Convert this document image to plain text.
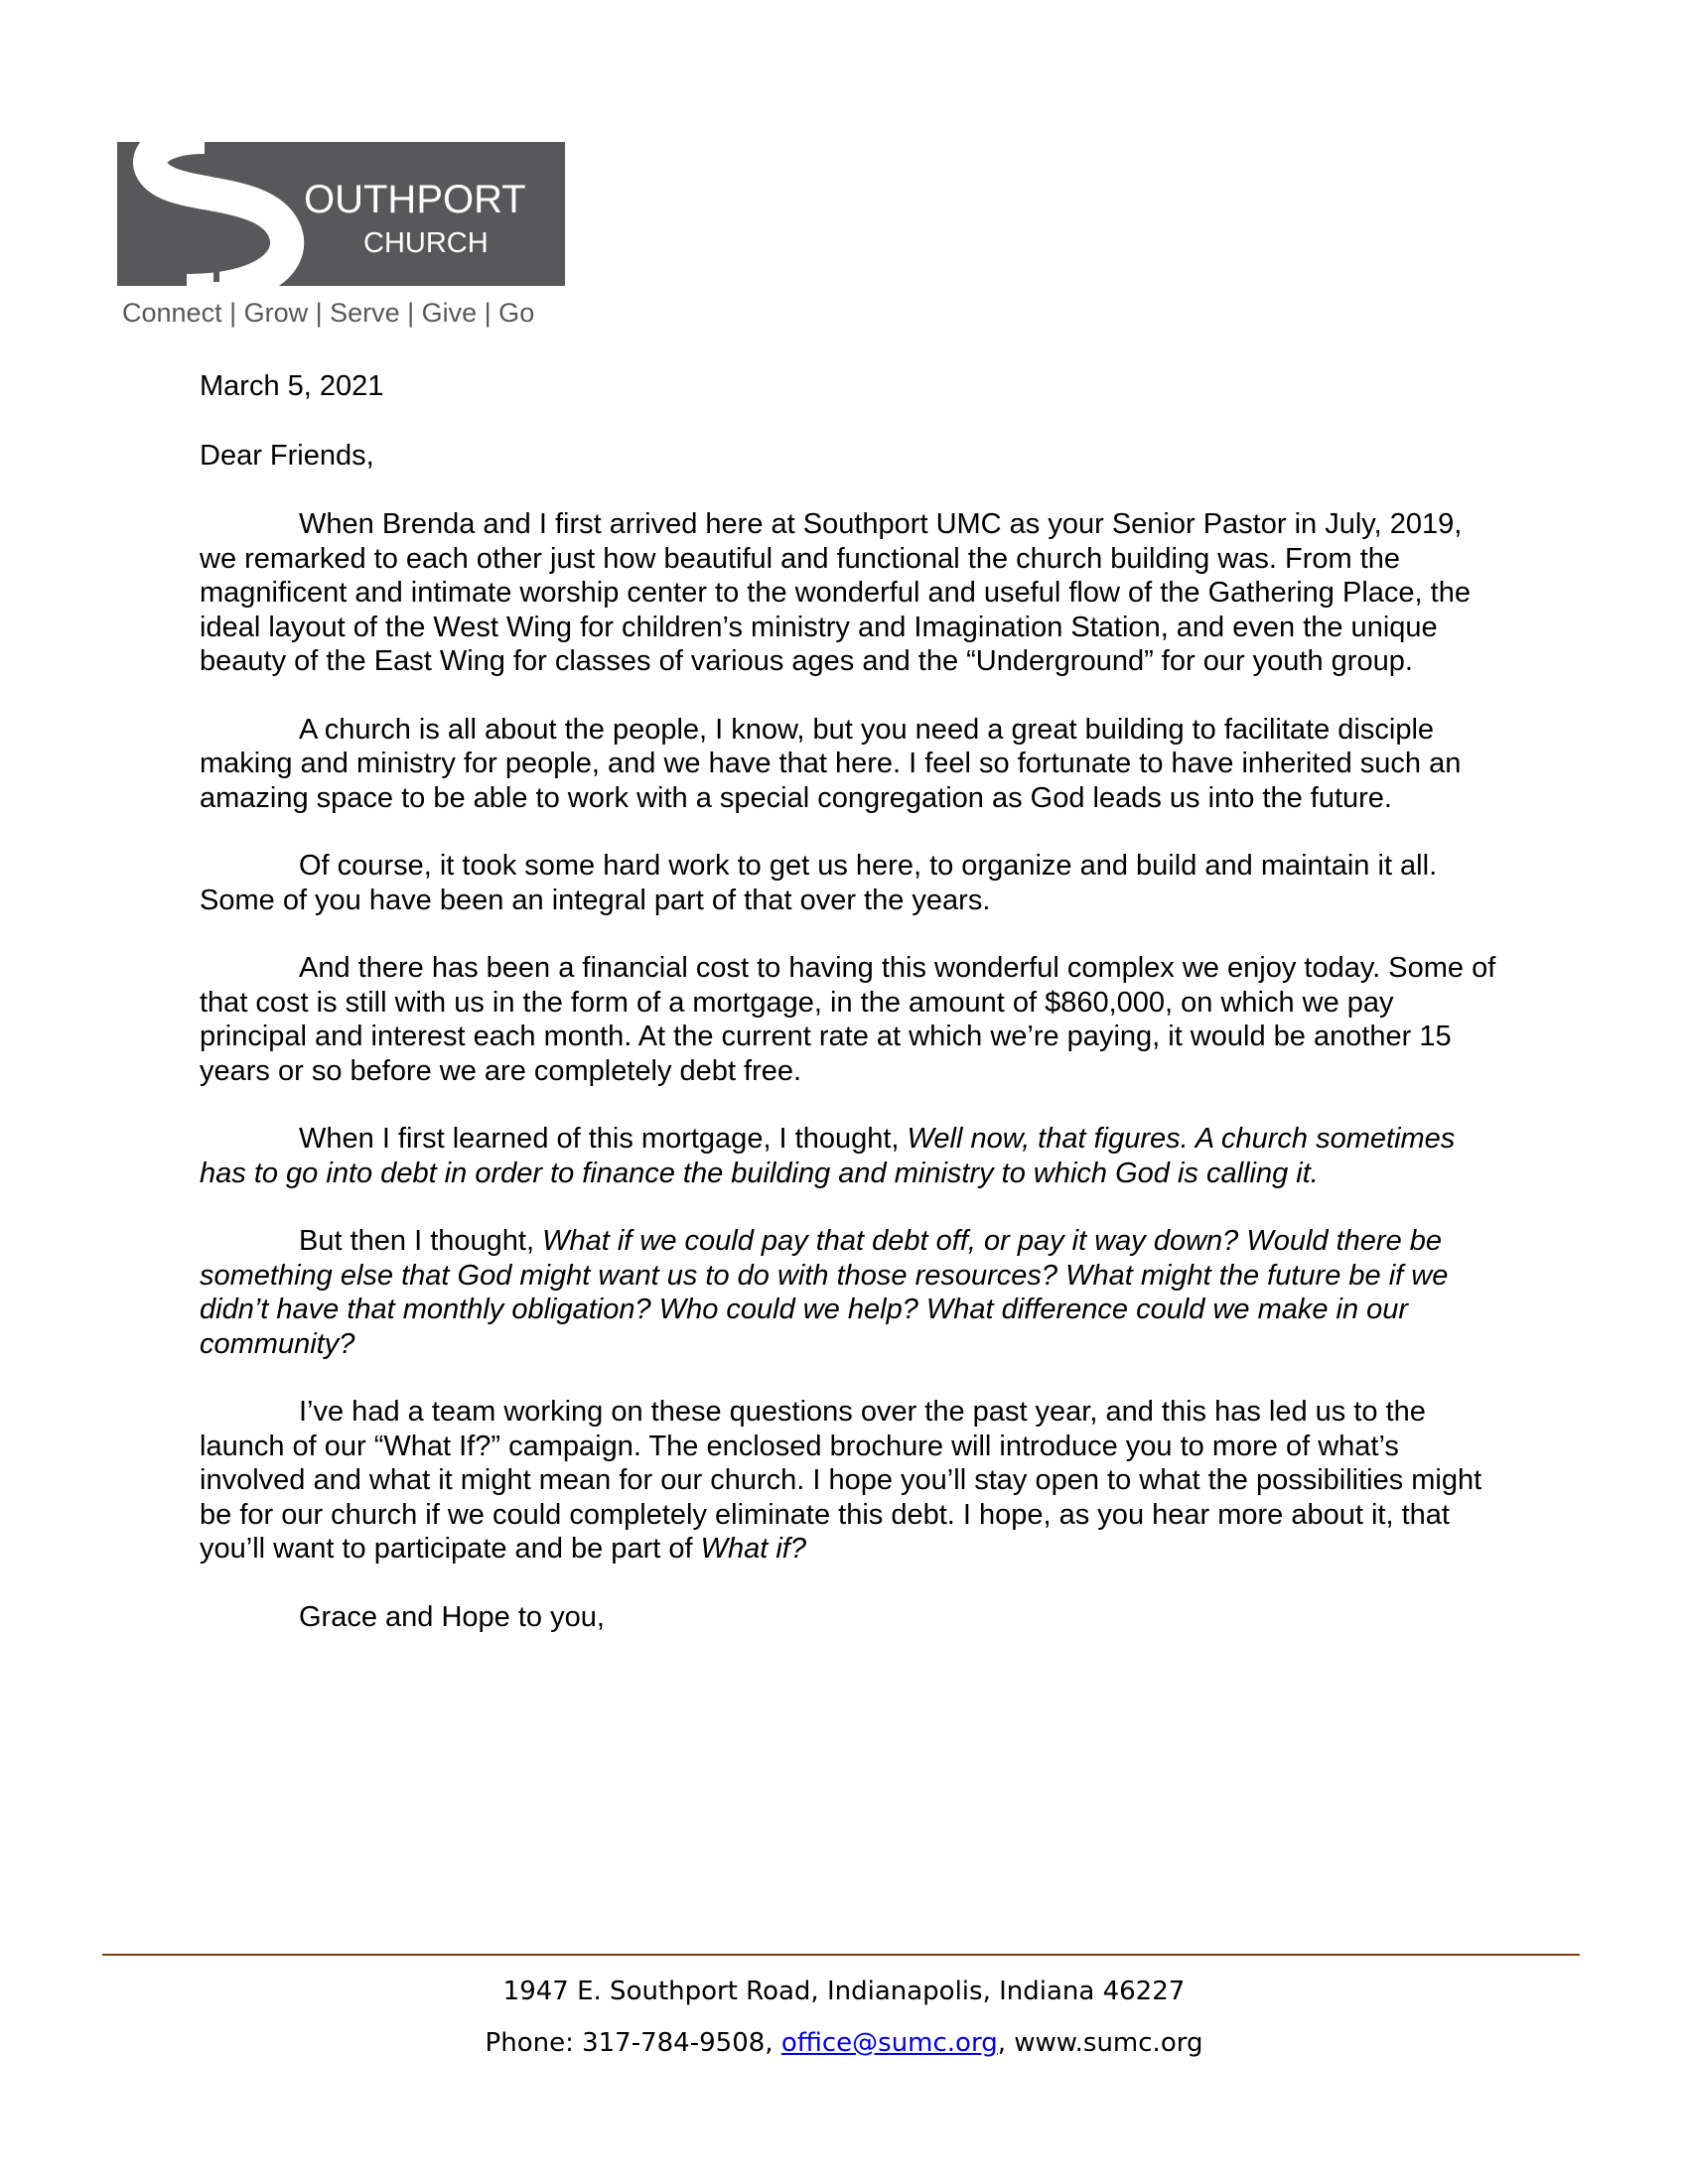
OUTHPORT
CHURCH
Connect | Grow | Serve | Give | Go

March 5, 2021

Dear Friends,

When Brenda and I first arrived here at Southport UMC as your Senior Pastor in July, 2019, we remarked to each other just how beautiful and functional the church building was. From the magnificent and intimate worship center to the wonderful and useful flow of the Gathering Place, the ideal layout of the West Wing for children’s ministry and Imagination Station, and even the unique beauty of the East Wing for classes of various ages and the “Underground” for our youth group.

A church is all about the people, I know, but you need a great building to facilitate disciple making and ministry for people, and we have that here. I feel so fortunate to have inherited such an amazing space to be able to work with a special congregation as God leads us into the future.

Of course, it took some hard work to get us here, to organize and build and maintain it all. Some of you have been an integral part of that over the years.

And there has been a financial cost to having this wonderful complex we enjoy today. Some of that cost is still with us in the form of a mortgage, in the amount of $860,000, on which we pay principal and interest each month. At the current rate at which we’re paying, it would be another 15 years or so before we are completely debt free.

When I first learned of this mortgage, I thought, Well now, that figures. A church sometimes has to go into debt in order to finance the building and ministry to which God is calling it.

But then I thought, What if we could pay that debt off, or pay it way down? Would there be something else that God might want us to do with those resources? What might the future be if we didn’t have that monthly obligation? Who could we help? What difference could we make in our community?

I’ve had a team working on these questions over the past year, and this has led us to the launch of our “What If?” campaign. The enclosed brochure will introduce you to more of what’s involved and what it might mean for our church. I hope you’ll stay open to what the possibilities might be for our church if we could completely eliminate this debt. I hope, as you hear more about it, that you’ll want to participate and be part of What if?

Grace and Hope to you,

1947 E. Southport Road, Indianapolis, Indiana 46227
Phone: 317-784-9508, office@sumc.org, www.sumc.org
